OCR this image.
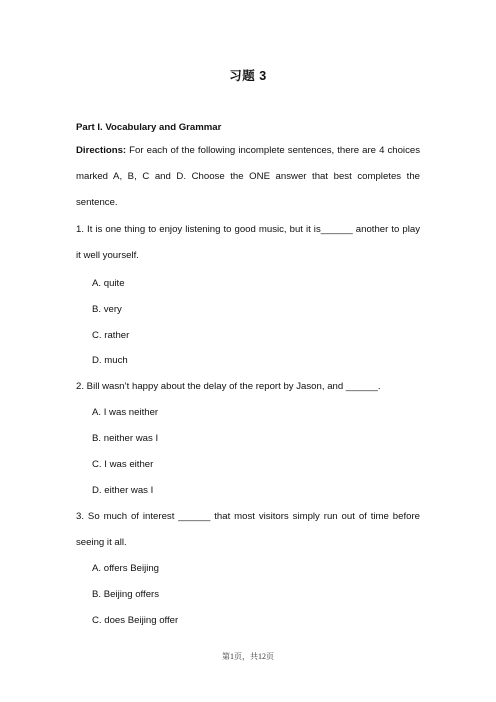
习题 3
Part I. Vocabulary and Grammar
Directions: For each of the following incomplete sentences, there are 4 choices marked A, B, C and D. Choose the ONE answer that best completes the sentence.
1. It is one thing to enjoy listening to good music, but it is______ another to play it well yourself.
A. quite
B. very
C. rather
D. much
2. Bill wasn’t happy about the delay of the report by Jason, and ______.
A. I was neither
B. neither was I
C. I was either
D. either was I
3. So much of interest ______ that most visitors simply run out of time before seeing it all.
A. offers Beijing
B. Beijing offers
C. does Beijing offer
第1页，共12页
